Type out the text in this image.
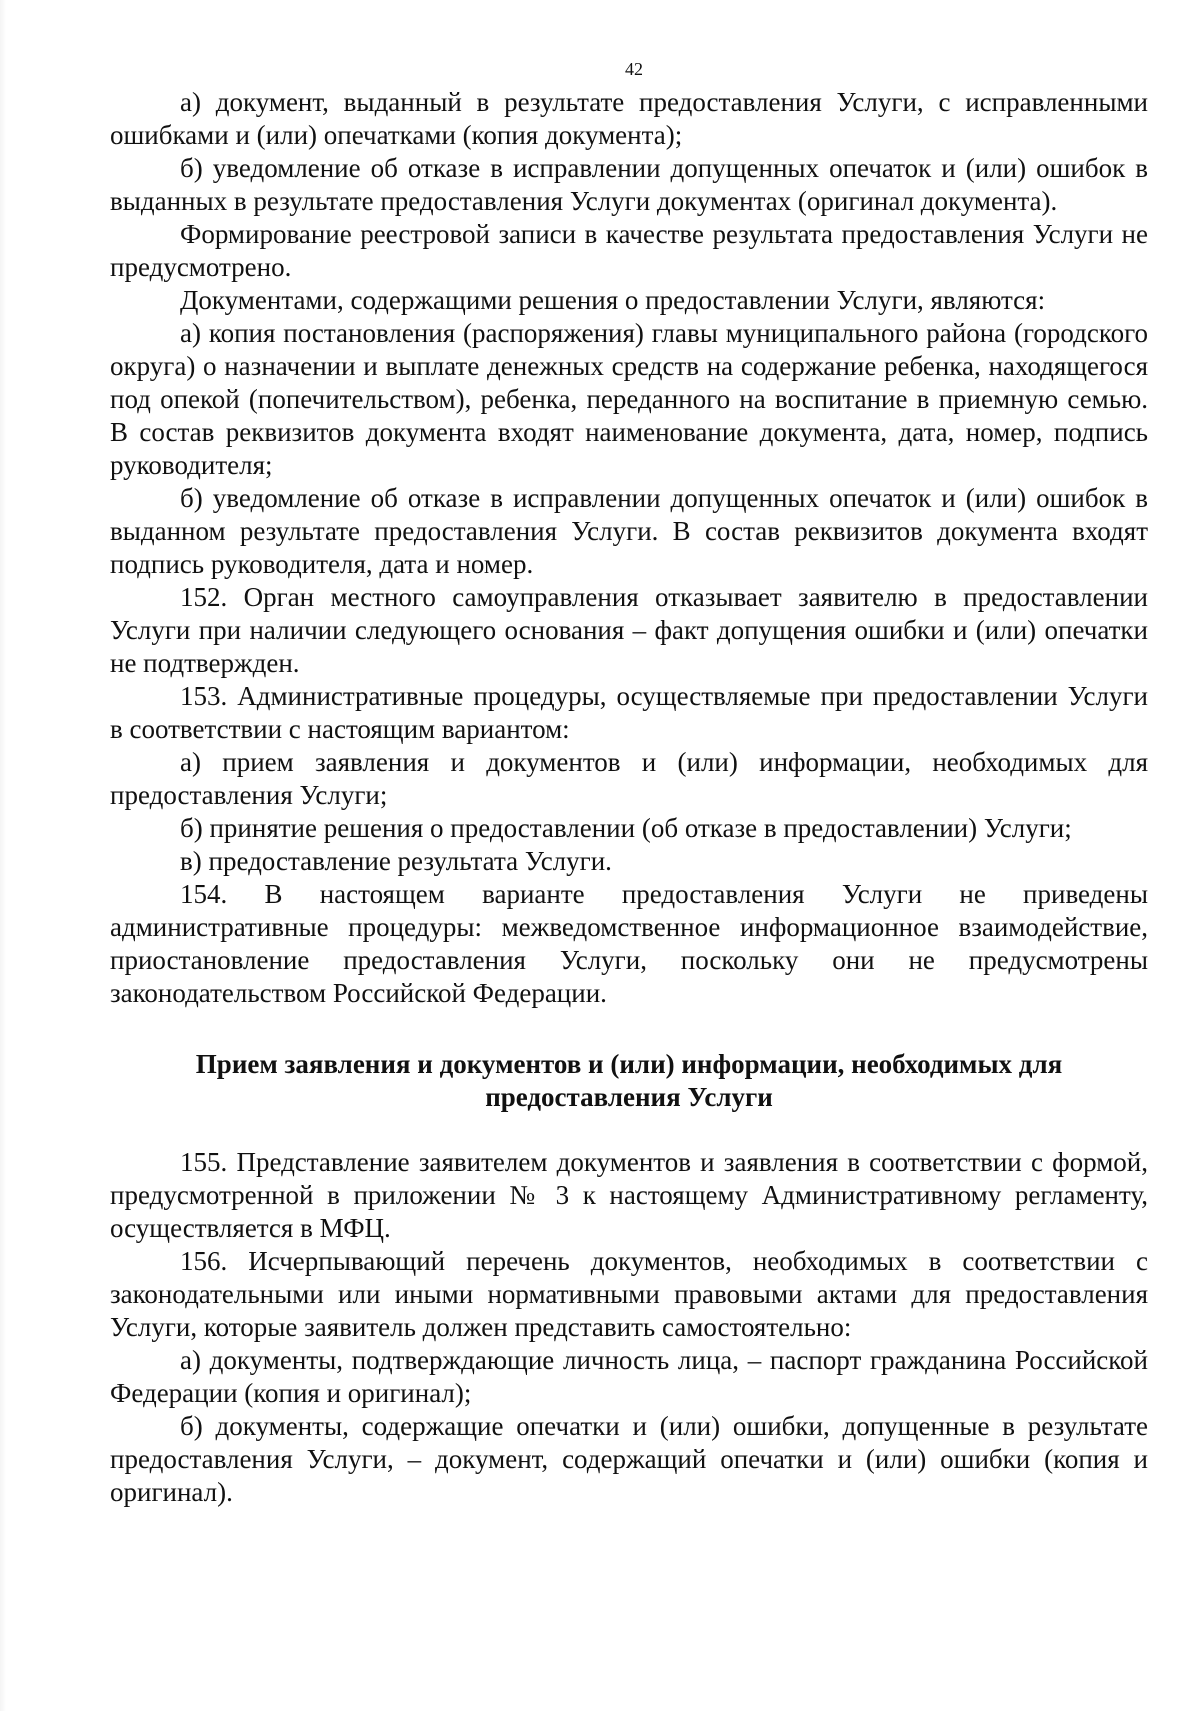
42

а) документ, выданный в результате предоставления Услуги, с исправленными ошибками и (или) опечатками (копия документа);

б) уведомление об отказе в исправлении допущенных опечаток и (или) ошибок в выданных в результате предоставления Услуги документах (оригинал документа).

Формирование реестровой записи в качестве результата предоставления Услуги не предусмотрено.

Документами, содержащими решения о предоставлении Услуги, являются:

а) копия постановления (распоряжения) главы муниципального района (городского округа) о назначении и выплате денежных средств на содержание ребенка, находящегося под опекой (попечительством), ребенка, переданного на воспитание в приемную семью. В состав реквизитов документа входят наименование документа, дата, номер, подпись руководителя;

б) уведомление об отказе в исправлении допущенных опечаток и (или) ошибок в выданном результате предоставления Услуги. В состав реквизитов документа входят подпись руководителя, дата и номер.

152. Орган местного самоуправления отказывает заявителю в предоставлении Услуги при наличии следующего основания – факт допущения ошибки и (или) опечатки не подтвержден.

153. Административные процедуры, осуществляемые при предоставлении Услуги в соответствии с настоящим вариантом:

а) прием заявления и документов и (или) информации, необходимых для предоставления Услуги;

б) принятие решения о предоставлении (об отказе в предоставлении) Услуги;

в) предоставление результата Услуги.

154. В настоящем варианте предоставления Услуги не приведены административные процедуры: межведомственное информационное взаимодействие, приостановление предоставления Услуги, поскольку они не предусмотрены законодательством Российской Федерации.

Прием заявления и документов и (или) информации, необходимых для предоставления Услуги

155. Представление заявителем документов и заявления в соответствии с формой, предусмотренной в приложении № 3 к настоящему Административному регламенту, осуществляется в МФЦ.

156. Исчерпывающий перечень документов, необходимых в соответствии с законодательными или иными нормативными правовыми актами для предоставления Услуги, которые заявитель должен представить самостоятельно:

а) документы, подтверждающие личность лица, – паспорт гражданина Российской Федерации (копия и оригинал);

б) документы, содержащие опечатки и (или) ошибки, допущенные в результате предоставления Услуги, – документ, содержащий опечатки и (или) ошибки (копия и оригинал).
